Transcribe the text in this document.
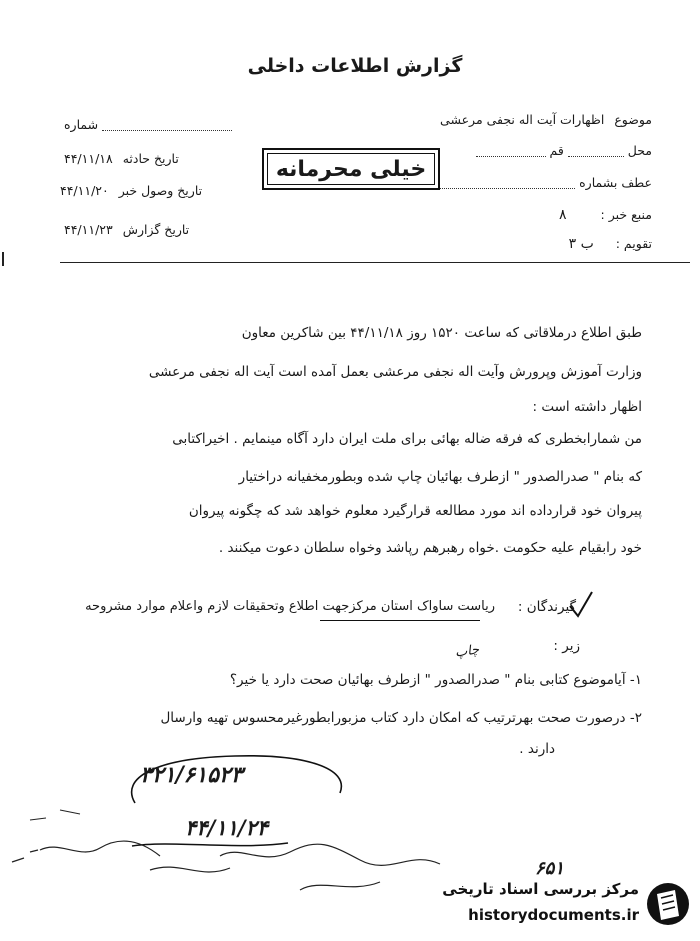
گزارش اطلاعات داخلی
موضوع اظهارات آیت اله نجفی مرعشی
محل  قم
عطف بشماره
منبع خبر : ۸
تقویم : ب ۳
خیلی محرمانه
شماره
تاریخ حادثه ۴۴/۱۱/۱۸
تاریخ وصول خبر ۴۴/۱۱/۲۰
تاریخ گزارش ۴۴/۱۱/۲۳
طبق اطلاع درملاقاتی که ساعت ۱۵۲۰ روز ۴۴/۱۱/۱۸ بین شاکرین معاون
وزارت آموزش وپرورش وآیت اله نجفی مرعشی بعمل آمده است آیت اله نجفی مرعشی
اظهار داشته است :
من شمارابخطری که فرقه ضاله بهائی برای ملت ایران دارد آگاه مینمایم . اخیراکتابی
که بنام " صدرالصدور " ازطرف بهائیان چاپ شده وبطورمخفیانه دراختیار
پیروان خود قرارداده اند مورد مطالعه قرارگیرد معلوم خواهد شد که چگونه پیروان
خود رابقیام علیه حکومت .خواه رهبرهم رپاشد وخواه سلطان دعوت میکنند .
گیرندگان :
ریاست ساواک استان مرکزجهت اطلاع وتحقیقات لازم واعلام موارد مشروحه
زیر :
چاپ
۱- آیاموضوع کتابی بنام " صدرالصدور " ازطرف بهائیان صحت دارد یا خیر؟
۲- درصورت صحت بهرترتیب که امکان دارد کتاب مزبورابطورغیرمحسوس تهیه وارسال
دارند .
۳۲۱/۶۱۵۲۳
۴۴/۱۱/۲۴
۶۵۱
مرکز بررسی اسناد تاریخی
historydocuments.ir
